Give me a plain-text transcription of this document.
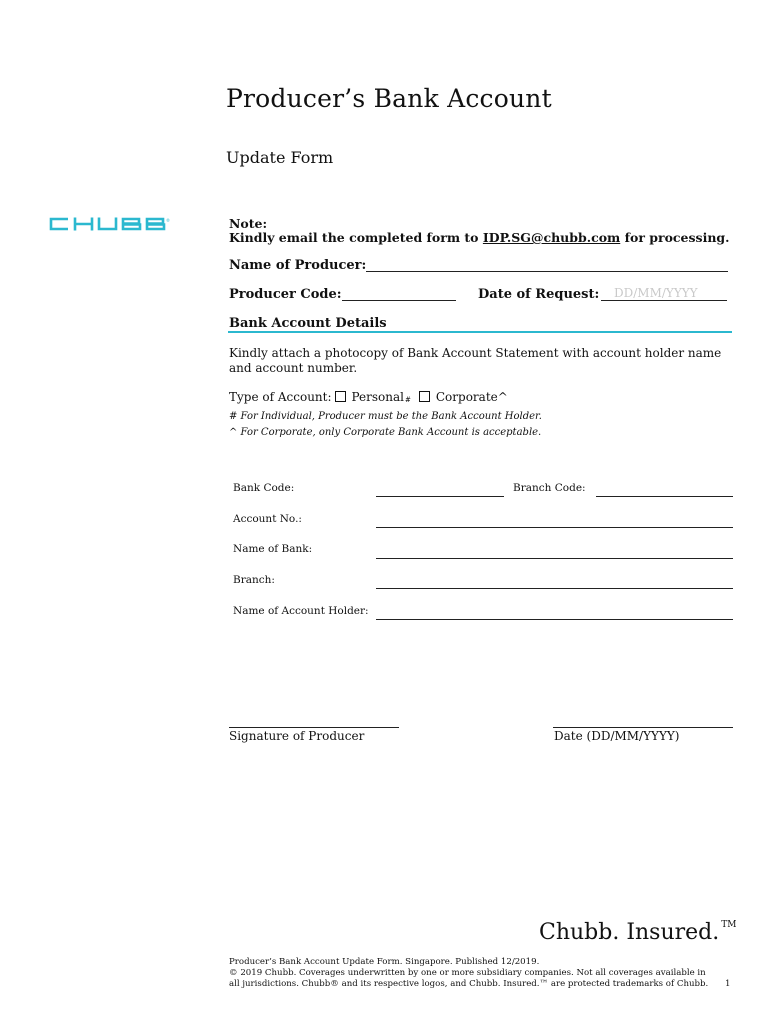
Producer’s Bank Account
Update Form
®	Note:
Kindly email the completed form to IDP.SG@chubb.com for processing.
Name of Producer:
Producer Code:	Date of Request: DD/MM/YYYY
Bank Account Details
Kindly attach a photocopy of Bank Account Statement with account holder name and account number.
Type of Account: Personal # Corporate^
# For Individual, Producer must be the Bank Account Holder.
^ For Corporate, only Corporate Bank Account is acceptable.
Bank Code:	Branch Code:
Account No.:
Name of Bank:
Branch:
Name of Account Holder:
Signature of Producer	Date (DD/MM/YYYY)
Chubb. Insured. ™
Producer’s Bank Account Update Form. Singapore. Published 12/2019.
© 2019 Chubb. Coverages underwritten by one or more subsidiary companies. Not all coverages available in
all jurisdictions. Chubb® and its respective logos, and Chubb. Insured.™ are protected trademarks of Chubb. 1
